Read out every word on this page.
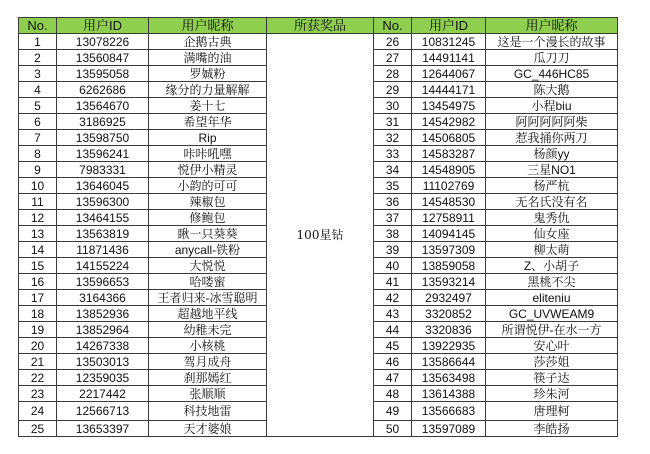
No.	用户ID	用户昵称	所获奖品	No.	用户ID	用户昵称
1	13078226	企鹅古典	100星钻	26	10831245	这是一个漫长的故事
2	13560847	满嘴的油		27	14491141	瓜刀刀
3	13595058	罗娍粉		28	12644067	GC_446HC85
4	6262686	缘分的力量解解		29	14444171	陈大鹅
5	13564670	姜十七		30	13454975	小程biu
6	3186925	希望年华		31	14542982	阿阿阿阿阿柴
7	13598750	Rip		32	14506805	惹我捅你两刀
8	13596241	咔咔吼嘿		33	14583287	杨颜yy
9	7983331	悦伊小精灵		34	14548905	三星NO1
10	13646045	小韵的可可		35	11102769	杨严杭
11	13596300	辣椒包		36	14548530	无名氏没有名
12	13464155	修鲍包		37	12758911	鬼秀仇
13	13563819	瞅一只葵葵		38	14094145	仙女座
14	11871436	anycall-铁粉		39	13597309	柳太萌
15	14155224	大悦悦		40	13859058	Z、小胡子
16	13596653	哈喽蜜		41	13593214	黑桃不尖
17	3164366	王者归来-冰雪聪明		42	2932497	eliteniu
18	13852936	超越地平线		43	3320852	GC_UVWEAM9
19	13852964	幼稚未完		44	3320836	所谓悦伊-在水一方
20	14267338	小核桃		45	13922935	安心叶
21	13503013	驾月成舟		46	13586644	莎莎姐
22	12359035	刹那嫣红		47	13563498	筷子达
23	2217442	张顺顺		48	13614388	珍朱河
24	12566713	科技地雷		49	13566683	唐理柯
25	13653397	天才婆娘		50	13597089	李皓扬
